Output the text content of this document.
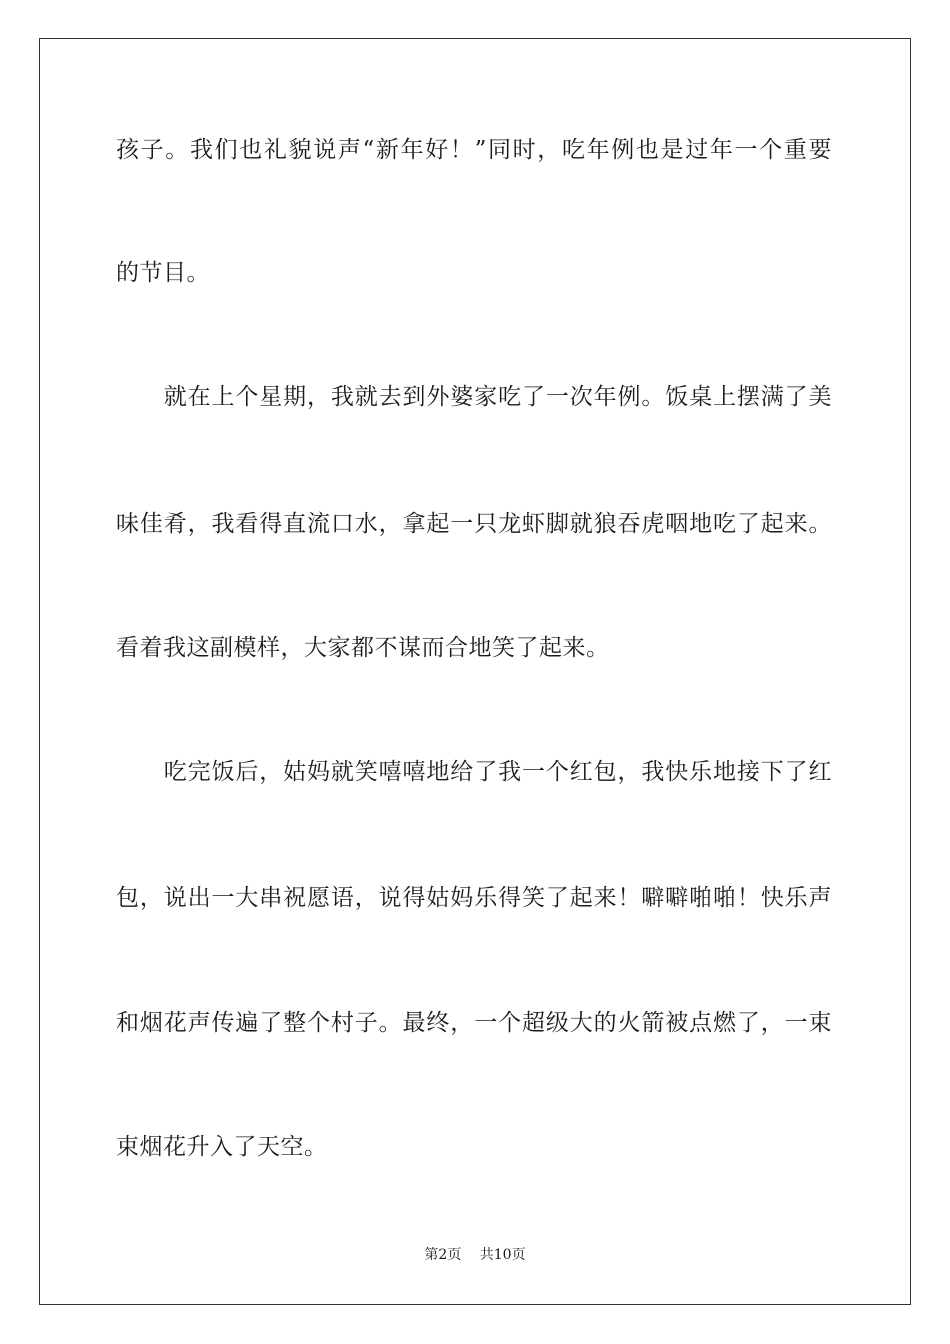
孩子。我们也礼貌说声“新年好！”同时，吃年例也是过年一个重要
的节目。
　　就在上个星期，我就去到外婆家吃了一次年例。饭桌上摆满了美
味佳肴，我看得直流口水，拿起一只龙虾脚就狼吞虎咽地吃了起来。
看着我这副模样，大家都不谋而合地笑了起来。
　　吃完饭后，姑妈就笑嘻嘻地给了我一个红包，我快乐地接下了红
包，说出一大串祝愿语，说得姑妈乐得笑了起来！噼噼啪啪！快乐声
和烟花声传遍了整个村子。最终，一个超级大的火箭被点燃了，一束
束烟花升入了天空。
第2页　 共10页
